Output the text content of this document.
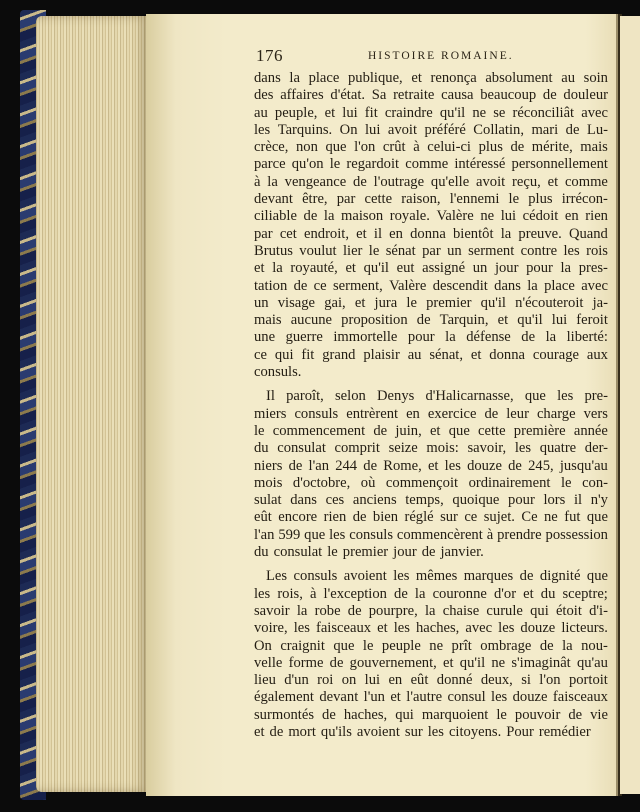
176	HISTOIRE ROMAINE.
dans la place publique, et renonça absolument au soin
des affaires d'état. Sa retraite causa beaucoup de douleur
au peuple, et lui fit craindre qu'il ne se réconciliât avec
les Tarquins. On lui avoit préféré Collatin, mari de Lu-
crèce, non que l'on crût à celui-ci plus de mérite, mais
parce qu'on le regardoit comme intéressé personnellement
à la vengeance de l'outrage qu'elle avoit reçu, et comme
devant être, par cette raison, l'ennemi le plus irrécon-
ciliable de la maison royale. Valère ne lui cédoit en rien
par cet endroit, et il en donna bientôt la preuve. Quand
Brutus voulut lier le sénat par un serment contre les rois
et la royauté, et qu'il eut assigné un jour pour la pres-
tation de ce serment, Valère descendit dans la place avec
un visage gai, et jura le premier qu'il n'écouteroit ja-
mais aucune proposition de Tarquin, et qu'il lui feroit
une guerre immortelle pour la défense de la liberté:
ce qui fit grand plaisir au sénat, et donna courage aux
consuls.
Il paroît, selon Denys d'Halicarnasse, que les pre-
miers consuls entrèrent en exercice de leur charge vers
le commencement de juin, et que cette première année
du consulat comprit seize mois: savoir, les quatre der-
niers de l'an 244 de Rome, et les douze de 245, jusqu'au
mois d'octobre, où commençoit ordinairement le con-
sulat dans ces anciens temps, quoique pour lors il n'y
eût encore rien de bien réglé sur ce sujet. Ce ne fut que
l'an 599 que les consuls commencèrent à prendre possession
du consulat le premier jour de janvier.
Les consuls avoient les mêmes marques de dignité que
les rois, à l'exception de la couronne d'or et du sceptre;
savoir la robe de pourpre, la chaise curule qui étoit d'i-
voire, les faisceaux et les haches, avec les douze licteurs.
On craignit que le peuple ne prît ombrage de la nou-
velle forme de gouvernement, et qu'il ne s'imaginât qu'au
lieu d'un roi on lui en eût donné deux, si l'on portoit
également devant l'un et l'autre consul les douze faisceaux
surmontés de haches, qui marquoient le pouvoir de vie
et de mort qu'ils avoient sur les citoyens. Pour remédier
